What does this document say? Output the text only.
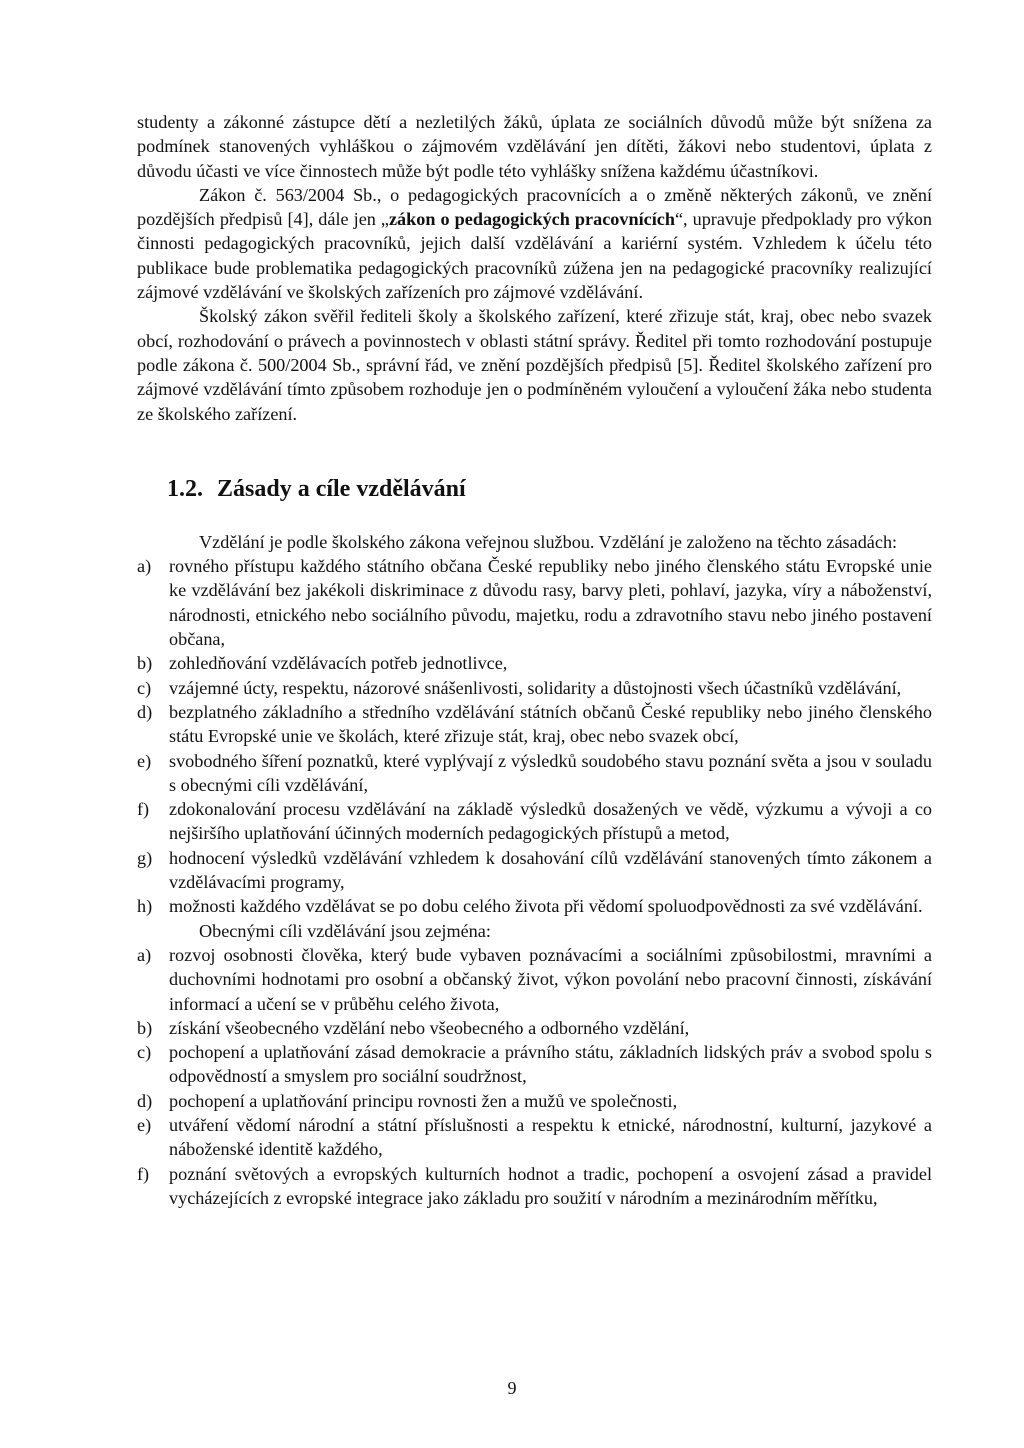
studenty a zákonné zástupce dětí a nezletilých žáků, úplata ze sociálních důvodů může být snížena za podmínek stanovených vyhláškou o zájmovém vzdělávání jen dítěti, žákovi nebo studentovi, úplata z důvodu účasti ve více činnostech může být podle této vyhlášky snížena každému účastníkovi.

Zákon č. 563/2004 Sb., o pedagogických pracovnících a o změně některých zákonů, ve znění pozdějších předpisů [4], dále jen „zákon o pedagogických pracovnících“, upravuje předpoklady pro výkon činnosti pedagogických pracovníků, jejich další vzdělávání a kariérní systém. Vzhledem k účelu této publikace bude problematika pedagogických pracovníků zúžena jen na pedagogické pracovníky realizující zájmové vzdělávání ve školských zařízeních pro zájmové vzdělávání.

Školský zákon svěřil řediteli školy a školského zařízení, které zřizuje stát, kraj, obec nebo svazek obcí, rozhodování o právech a povinnostech v oblasti státní správy. Ředitel při tomto rozhodování postupuje podle zákona č. 500/2004 Sb., správní řád, ve znění pozdějších předpisů [5]. Ředitel školského zařízení pro zájmové vzdělávání tímto způsobem rozhoduje jen o podmíněném vyloučení a vyloučení žáka nebo studenta ze školského zařízení.

1.2. Zásady a cíle vzdělávání

Vzdělání je podle školského zákona veřejnou službou. Vzdělání je založeno na těchto zásadách:

a) rovného přístupu každého státního občana České republiky nebo jiného členského státu Evropské unie ke vzdělávání bez jakékoli diskriminace z důvodu rasy, barvy pleti, pohlaví, jazyka, víry a náboženství, národnosti, etnického nebo sociálního původu, majetku, rodu a zdravotního stavu nebo jiného postavení občana,
b) zohledňování vzdělávacích potřeb jednotlivce,
c) vzájemné úcty, respektu, názorové snášenlivosti, solidarity a důstojnosti všech účastníků vzdělávání,
d) bezplatného základního a středního vzdělávání státních občanů České republiky nebo jiného členského státu Evropské unie ve školách, které zřizuje stát, kraj, obec nebo svazek obcí,
e) svobodného šíření poznatků, které vyplývají z výsledků soudobého stavu poznání světa a jsou v souladu s obecnými cíli vzdělávání,
f) zdokonalování procesu vzdělávání na základě výsledků dosažených ve vědě, výzkumu a vývoji a co nejširšího uplatňování účinných moderních pedagogických přístupů a metod,
g) hodnocení výsledků vzdělávání vzhledem k dosahování cílů vzdělávání stanovených tímto zákonem a vzdělávacími programy,
h) možnosti každého vzdělávat se po dobu celého života při vědomí spoluodpovědnosti za své vzdělávání.

Obecnými cíli vzdělávání jsou zejména:

a) rozvoj osobnosti člověka, který bude vybaven poznávacími a sociálními způsobilostmi, mravními a duchovními hodnotami pro osobní a občanský život, výkon povolání nebo pracovní činnosti, získávání informací a učení se v průběhu celého života,
b) získání všeobecného vzdělání nebo všeobecného a odborného vzdělání,
c) pochopení a uplatňování zásad demokracie a právního státu, základních lidských práv a svobod spolu s odpovědností a smyslem pro sociální soudržnost,
d) pochopení a uplatňování principu rovnosti žen a mužů ve společnosti,
e) utváření vědomí národní a státní příslušnosti a respektu k etnické, národnostní, kulturní, jazykové a náboženské identitě každého,
f) poznání světových a evropských kulturních hodnot a tradic, pochopení a osvojení zásad a pravidel vycházejících z evropské integrace jako základu pro soužití v národním a mezinárodním měřítku,
9
